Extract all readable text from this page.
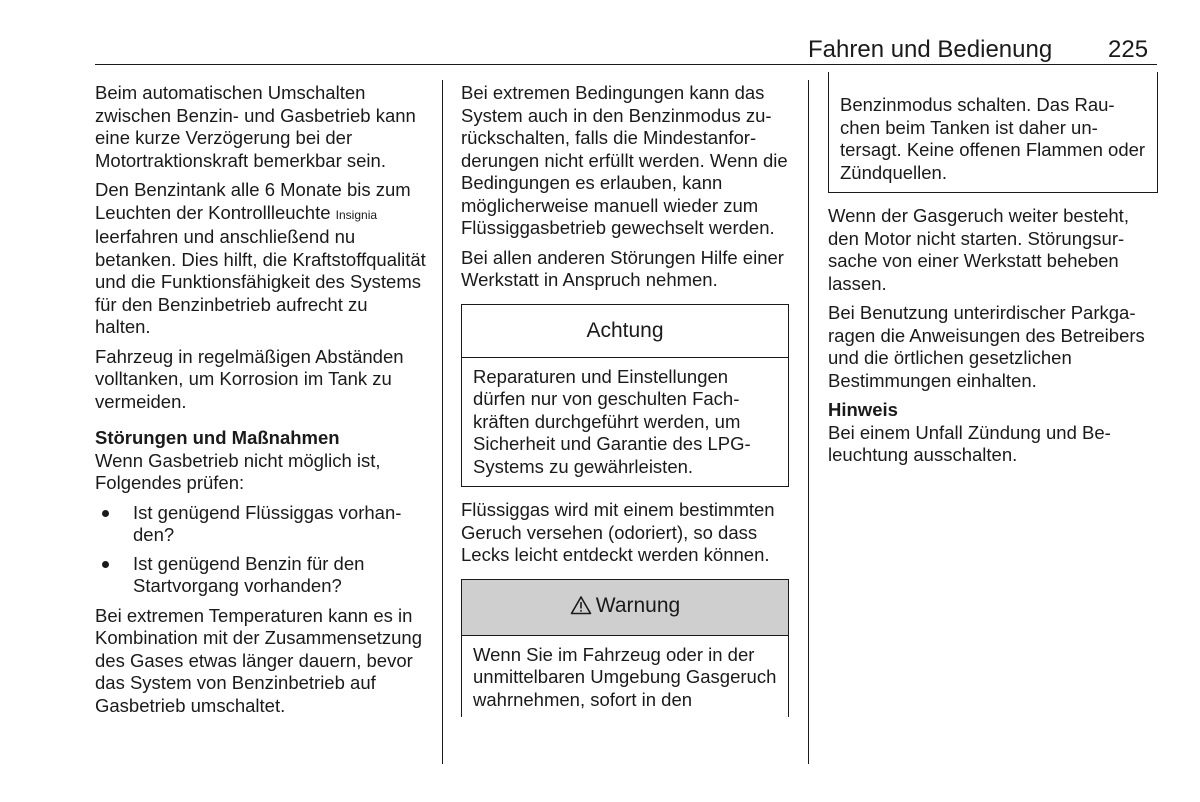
Fahren und Bedienung 225

Beim automatischen Umschalten zwischen Benzin- und Gasbetrieb kann eine kurze Verzögerung bei der Motortraktionskraft bemerkbar sein.

Den Benzintank alle 6 Monate bis zum Leuchten der Kontrollleuchte Insignia leerfahren und anschließend nu betanken. Dies hilft, die Kraftstoffqualität und die Funktionsfähigkeit des Systems für den Benzinbetrieb aufrecht zu halten.

Fahrzeug in regelmäßigen Abständen volltanken, um Korrosion im Tank zu vermeiden.

Störungen und Maßnahmen

Wenn Gasbetrieb nicht möglich ist, Folgendes prüfen:

Ist genügend Flüssiggas vorhanden?
Ist genügend Benzin für den Startvorgang vorhanden?

Bei extremen Temperaturen kann es in Kombination mit der Zusammensetzung des Gases etwas länger dauern, bevor das System von Benzinbetrieb auf Gasbetrieb umschaltet.

Bei extremen Bedingungen kann das System auch in den Benzinmodus zurückschalten, falls die Mindestanforderungen nicht erfüllt werden. Wenn die Bedingungen es erlauben, kann möglicherweise manuell wieder zum Flüssiggasbetrieb gewechselt werden.

Bei allen anderen Störungen Hilfe einer Werkstatt in Anspruch nehmen.

Achtung
Reparaturen und Einstellungen dürfen nur von geschulten Fachkräften durchgeführt werden, um Sicherheit und Garantie des LPG-Systems zu gewährleisten.

Flüssiggas wird mit einem bestimmten Geruch versehen (odoriert), so dass Lecks leicht entdeckt werden können.

Warnung
Wenn Sie im Fahrzeug oder in der unmittelbaren Umgebung Gasgeruch wahrnehmen, sofort in den
Benzinmodus schalten. Das Rauchen beim Tanken ist daher untersagt. Keine offenen Flammen oder Zündquellen.

Wenn der Gasgeruch weiter besteht, den Motor nicht starten. Störungsursache von einer Werkstatt beheben lassen.

Bei Benutzung unterirdischer Parkgaragen die Anweisungen des Betreibers und die örtlichen gesetzlichen Bestimmungen einhalten.

Hinweis

Bei einem Unfall Zündung und Beleuchtung ausschalten.
